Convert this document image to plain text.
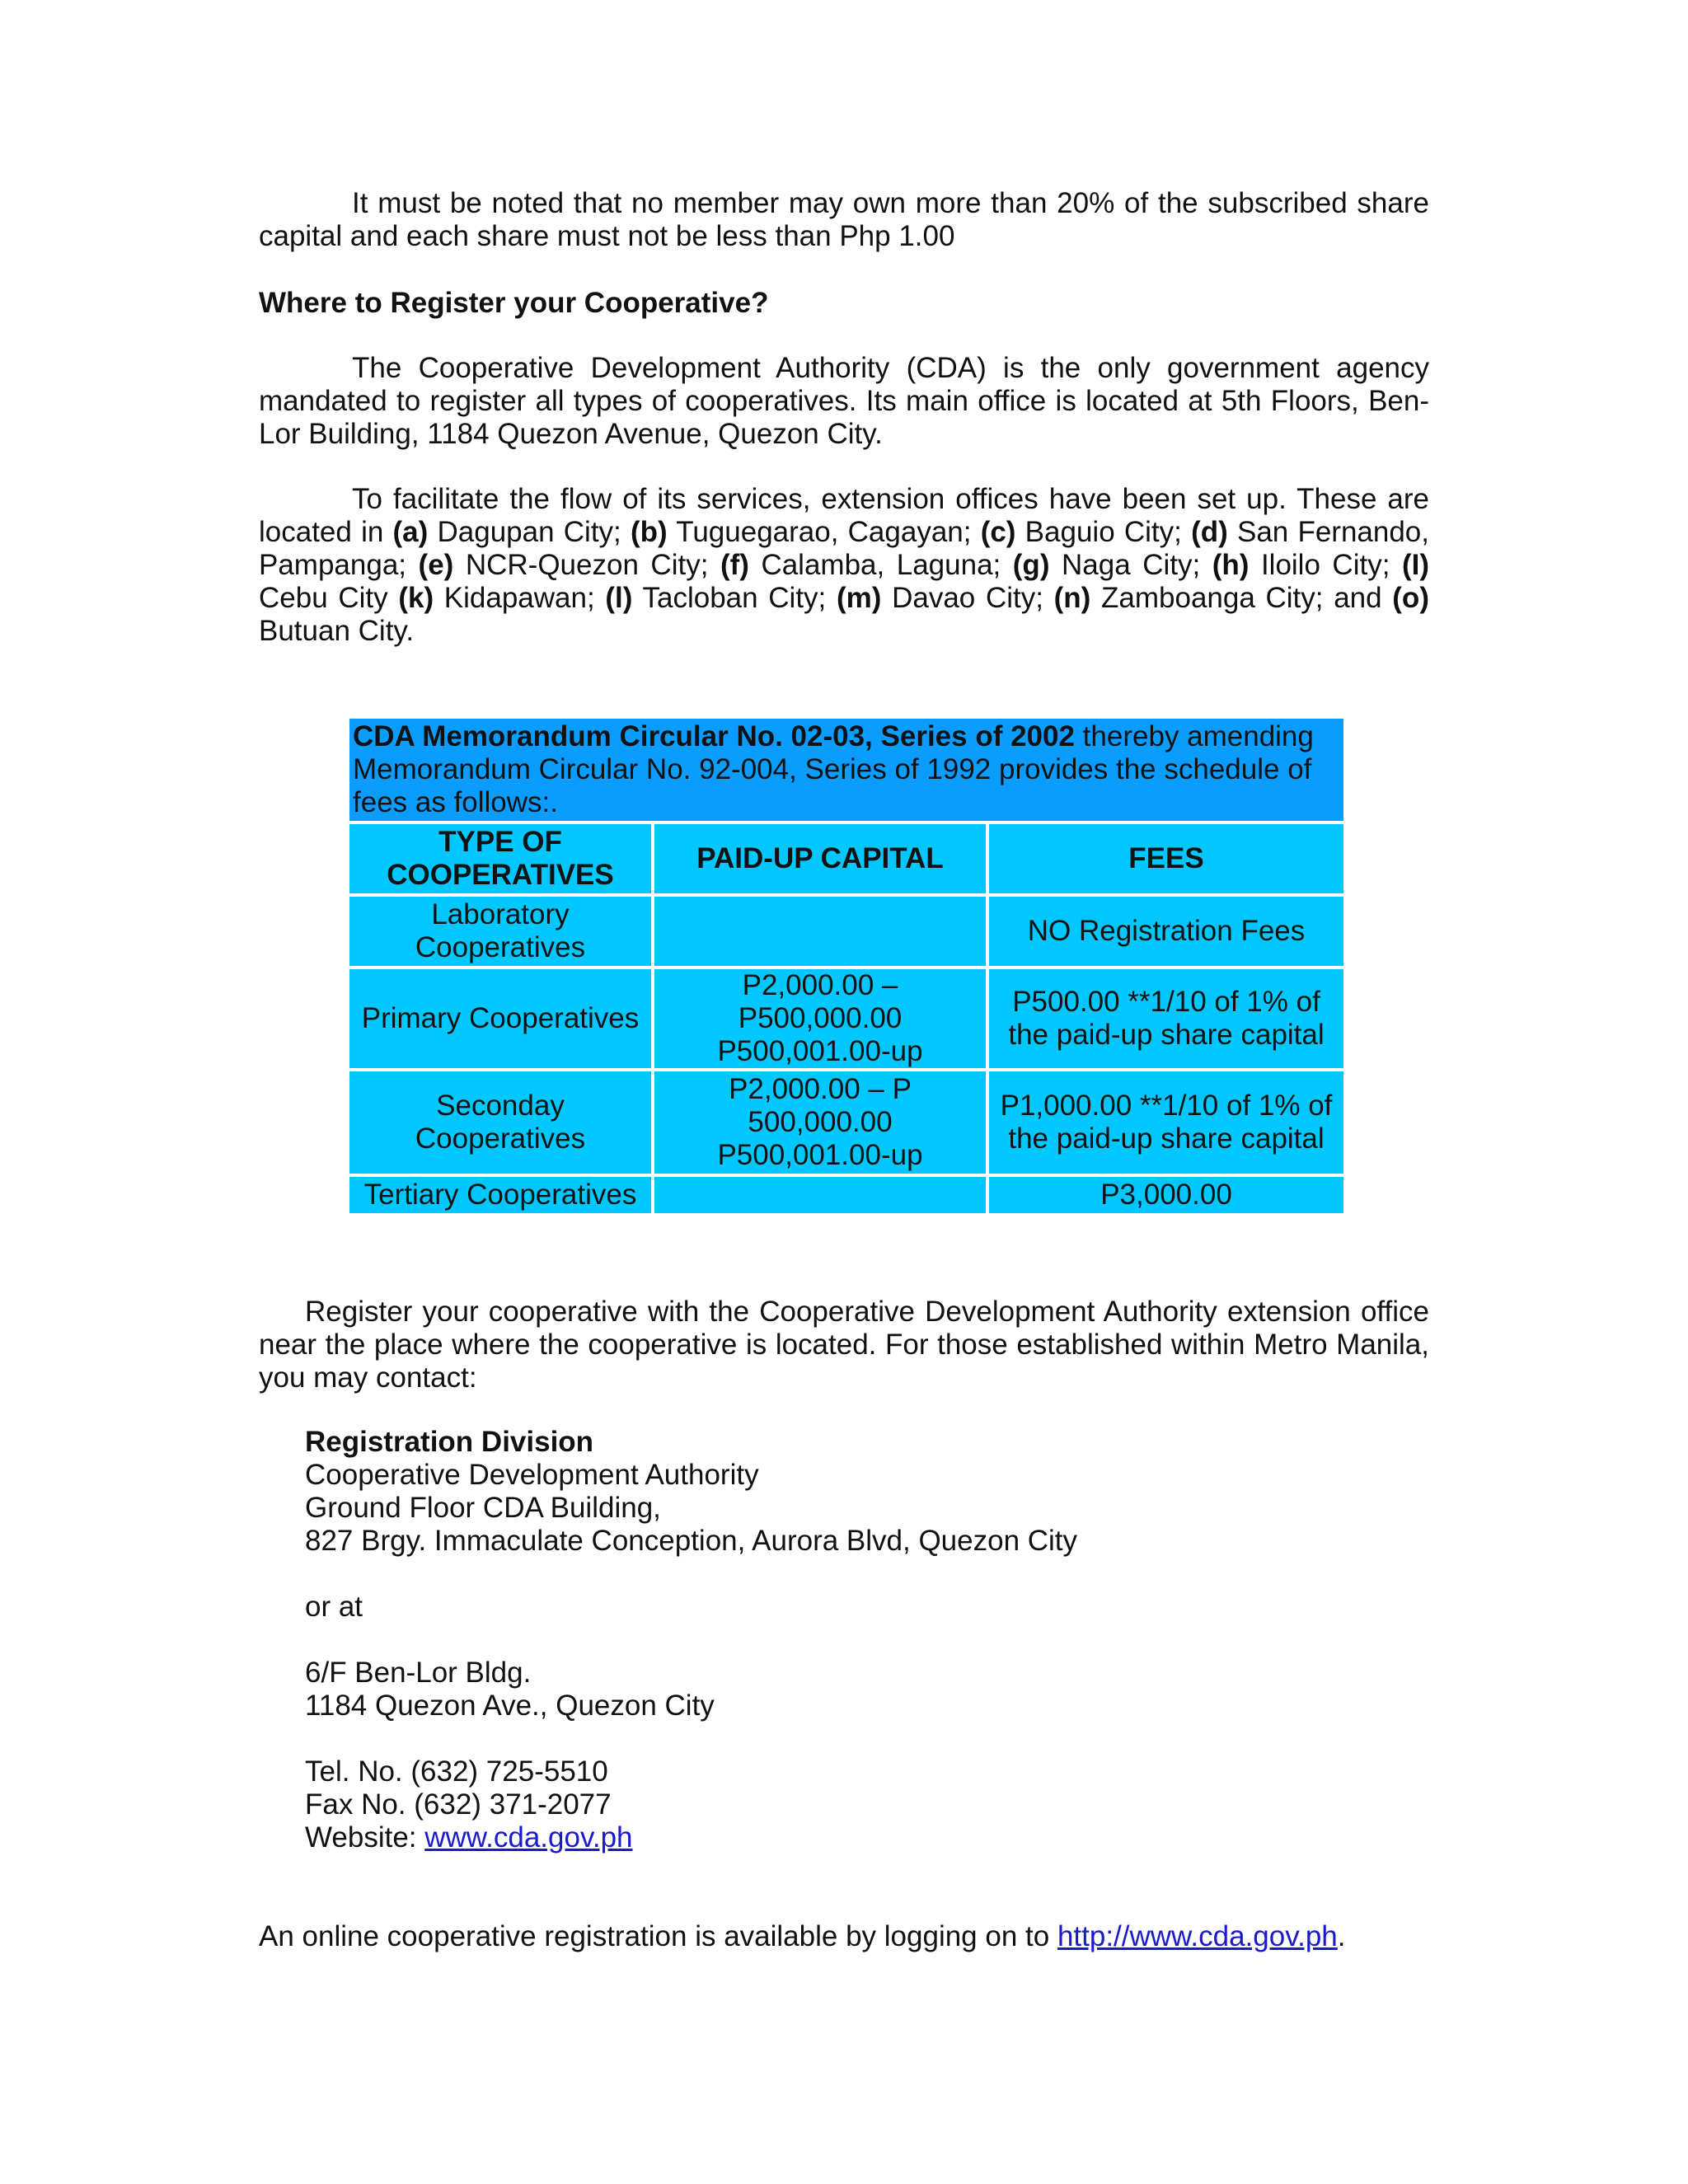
It must be noted that no member may own more than 20% of the subscribed share capital and each share must not be less than Php 1.00

Where to Register your Cooperative?

The Cooperative Development Authority (CDA) is the only government agency mandated to register all types of cooperatives. Its main office is located at 5th Floors, Ben-Lor Building, 1184 Quezon Avenue, Quezon City.

To facilitate the flow of its services, extension offices have been set up. These are located in (a) Dagupan City; (b) Tuguegarao, Cagayan; (c) Baguio City; (d) San Fernando, Pampanga; (e) NCR-Quezon City; (f) Calamba, Laguna; (g) Naga City; (h) Iloilo City; (I) Cebu City (k) Kidapawan; (l) Tacloban City; (m) Davao City; (n) Zamboanga City; and (o) Butuan City.

CDA Memorandum Circular No. 02-03, Series of 2002 thereby amending Memorandum Circular No. 92-004, Series of 1992 provides the schedule of fees as follows:.		
TYPE OF COOPERATIVES	PAID-UP CAPITAL	FEES
Laboratory Cooperatives		NO Registration Fees
Primary Cooperatives	P2,000.00 – P500,000.00 P500,001.00-up	P500.00 **1/10 of 1% of the paid-up share capital
Seconday Cooperatives	P2,000.00 – P 500,000.00 P500,001.00-up	P1,000.00 **1/10 of 1% of the paid-up share capital
Tertiary Cooperatives		P3,000.00

Register your cooperative with the Cooperative Development Authority extension office near the place where the cooperative is located. For those established within Metro Manila, you may contact:

Registration Division

Cooperative Development Authority

Ground Floor CDA Building,

827 Brgy. Immaculate Conception, Aurora Blvd, Quezon City

or at

6/F Ben-Lor Bldg.

1184 Quezon Ave., Quezon City

Tel. No. (632) 725-5510

Fax No. (632) 371-2077

Website: www.cda.gov.ph

An online cooperative registration is available by logging on to http://www.cda.gov.ph.
